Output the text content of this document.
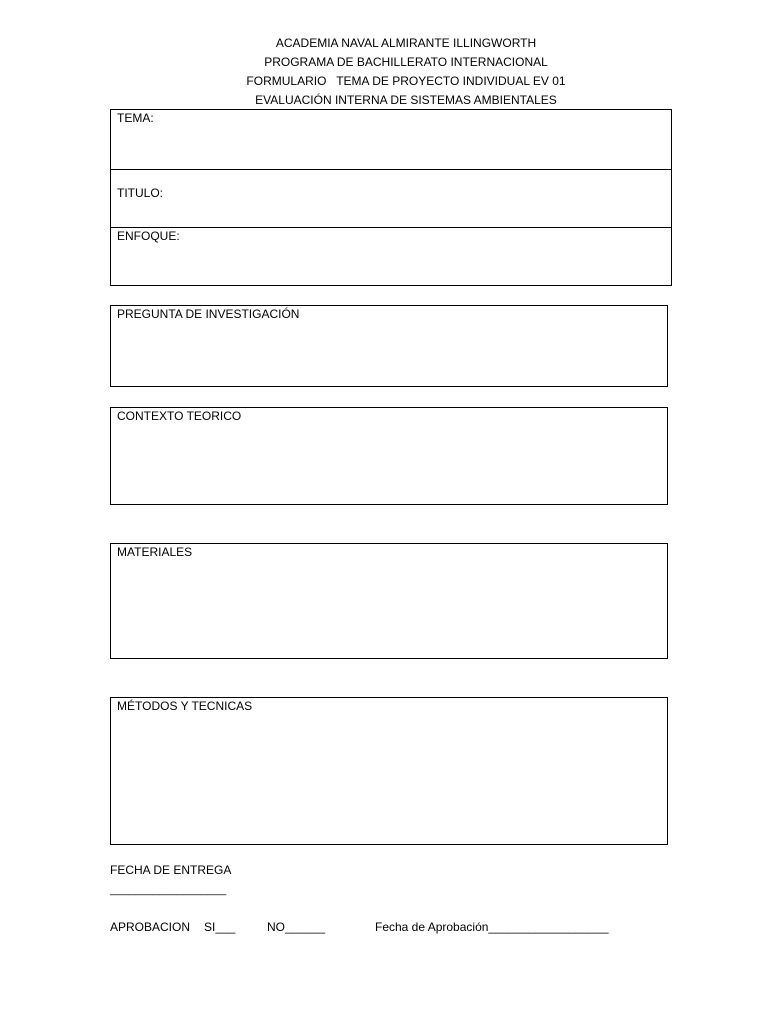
ACADEMIA NAVAL ALMIRANTE ILLINGWORTH
PROGRAMA DE BACHILLERATO INTERNACIONAL
FORMULARIO   TEMA DE PROYECTO INDIVIDUAL EV 01
EVALUACIÓN INTERNA DE SISTEMAS AMBIENTALES
TEMA:
TITULO:
ENFOQUE:
PREGUNTA DE INVESTIGACIÓN
CONTEXTO TEORICO
MATERIALES
MÉTODOS Y TECNICAS
FECHA DE ENTREGA
___________________
APROBACION SI___	NO______	Fecha de Aprobación__________________
